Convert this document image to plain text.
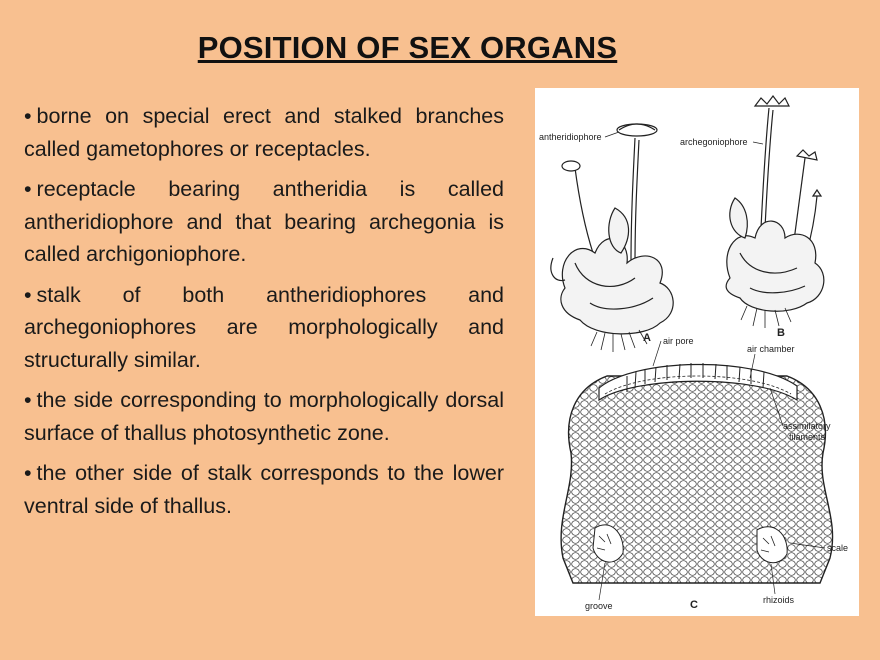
POSITION OF SEX ORGANS
• borne on special erect and stalked branches called gametophores or receptacles.
• receptacle bearing antheridia is called antheridiophore and that bearing archegonia is called archigoniophore.
• stalk of both antheridiophores and archegoniophores are morphologically and structurally similar.
• the side corresponding to morphologically dorsal surface of thallus photosynthetic zone.
• the other side of stalk corresponds to the lower ventral side of thallus.
antheridiophore
A
archegoniophore
B
air pore
air chamber
assimilatory
filaments
scale
groove
rhizoids
C
